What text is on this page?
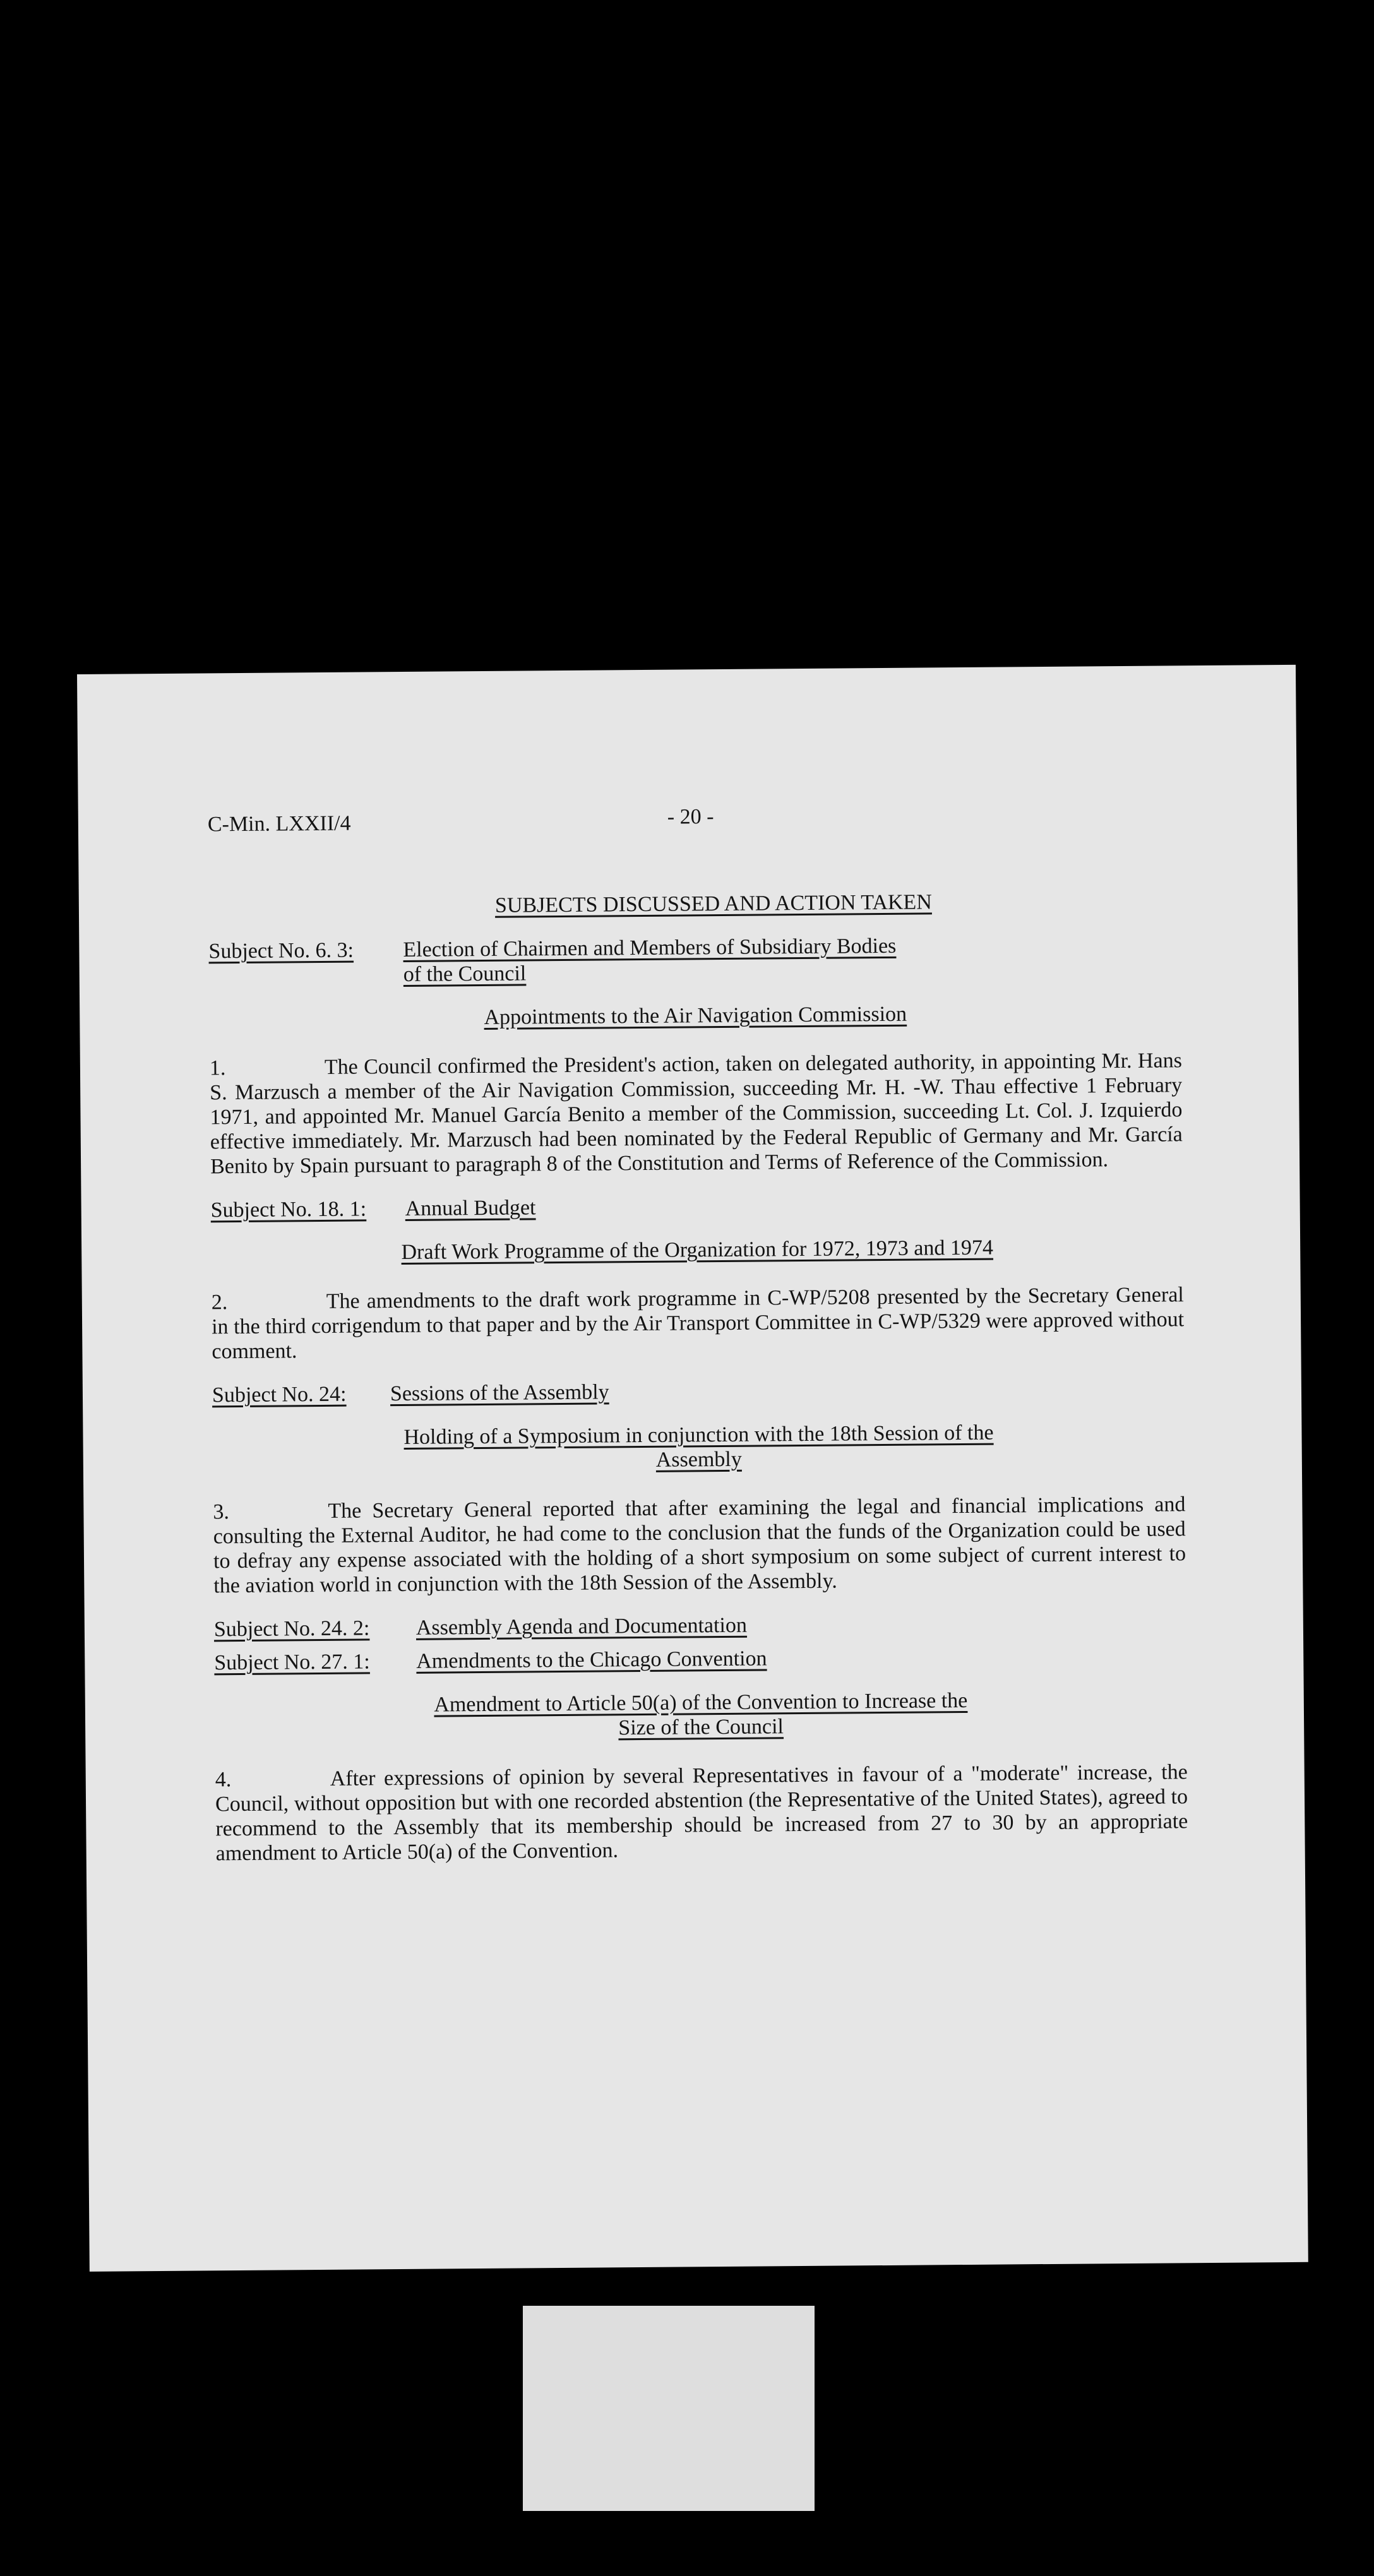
C-Min. LXXII/4	- 20 -
SUBJECTS DISCUSSED AND ACTION TAKEN
Subject No. 6. 3:	Election of Chairmen and Members of Subsidiary Bodies
of the Council
Appointments to the Air Navigation Commission
1.	The Council confirmed the President's action, taken on delegated authority, in appointing Mr. Hans S. Marzusch a member of the Air Navigation Commission, succeeding Mr. H. -W. Thau effective 1 February 1971, and appointed Mr. Manuel García Benito a member of the Commission, succeeding Lt. Col. J. Izquierdo effective immediately. Mr. Marzusch had been nominated by the Federal Republic of Germany and Mr. García Benito by Spain pursuant to paragraph 8 of the Constitution and Terms of Reference of the Commission.
Subject No. 18. 1:	Annual Budget
Draft Work Programme of the Organization for 1972, 1973 and 1974
2.	The amendments to the draft work programme in C-WP/5208 presented by the Secretary General in the third corrigendum to that paper and by the Air Transport Committee in C-WP/5329 were approved without comment.
Subject No. 24:	Sessions of the Assembly
Holding of a Symposium in conjunction with the 18th Session of the
Assembly
3.	The Secretary General reported that after examining the legal and financial implications and consulting the External Auditor, he had come to the conclusion that the funds of the Organization could be used to defray any expense associated with the holding of a short symposium on some subject of current interest to the aviation world in conjunction with the 18th Session of the Assembly.
Subject No. 24. 2:	Assembly Agenda and Documentation
Subject No. 27. 1:	Amendments to the Chicago Convention
Amendment to Article 50(a) of the Convention to Increase the
Size of the Council
4.	After expressions of opinion by several Representatives in favour of a "moderate" increase, the Council, without opposition but with one recorded abstention (the Representative of the United States), agreed to recommend to the Assembly that its membership should be increased from 27 to 30 by an appropriate amendment to Article 50(a) of the Convention.
